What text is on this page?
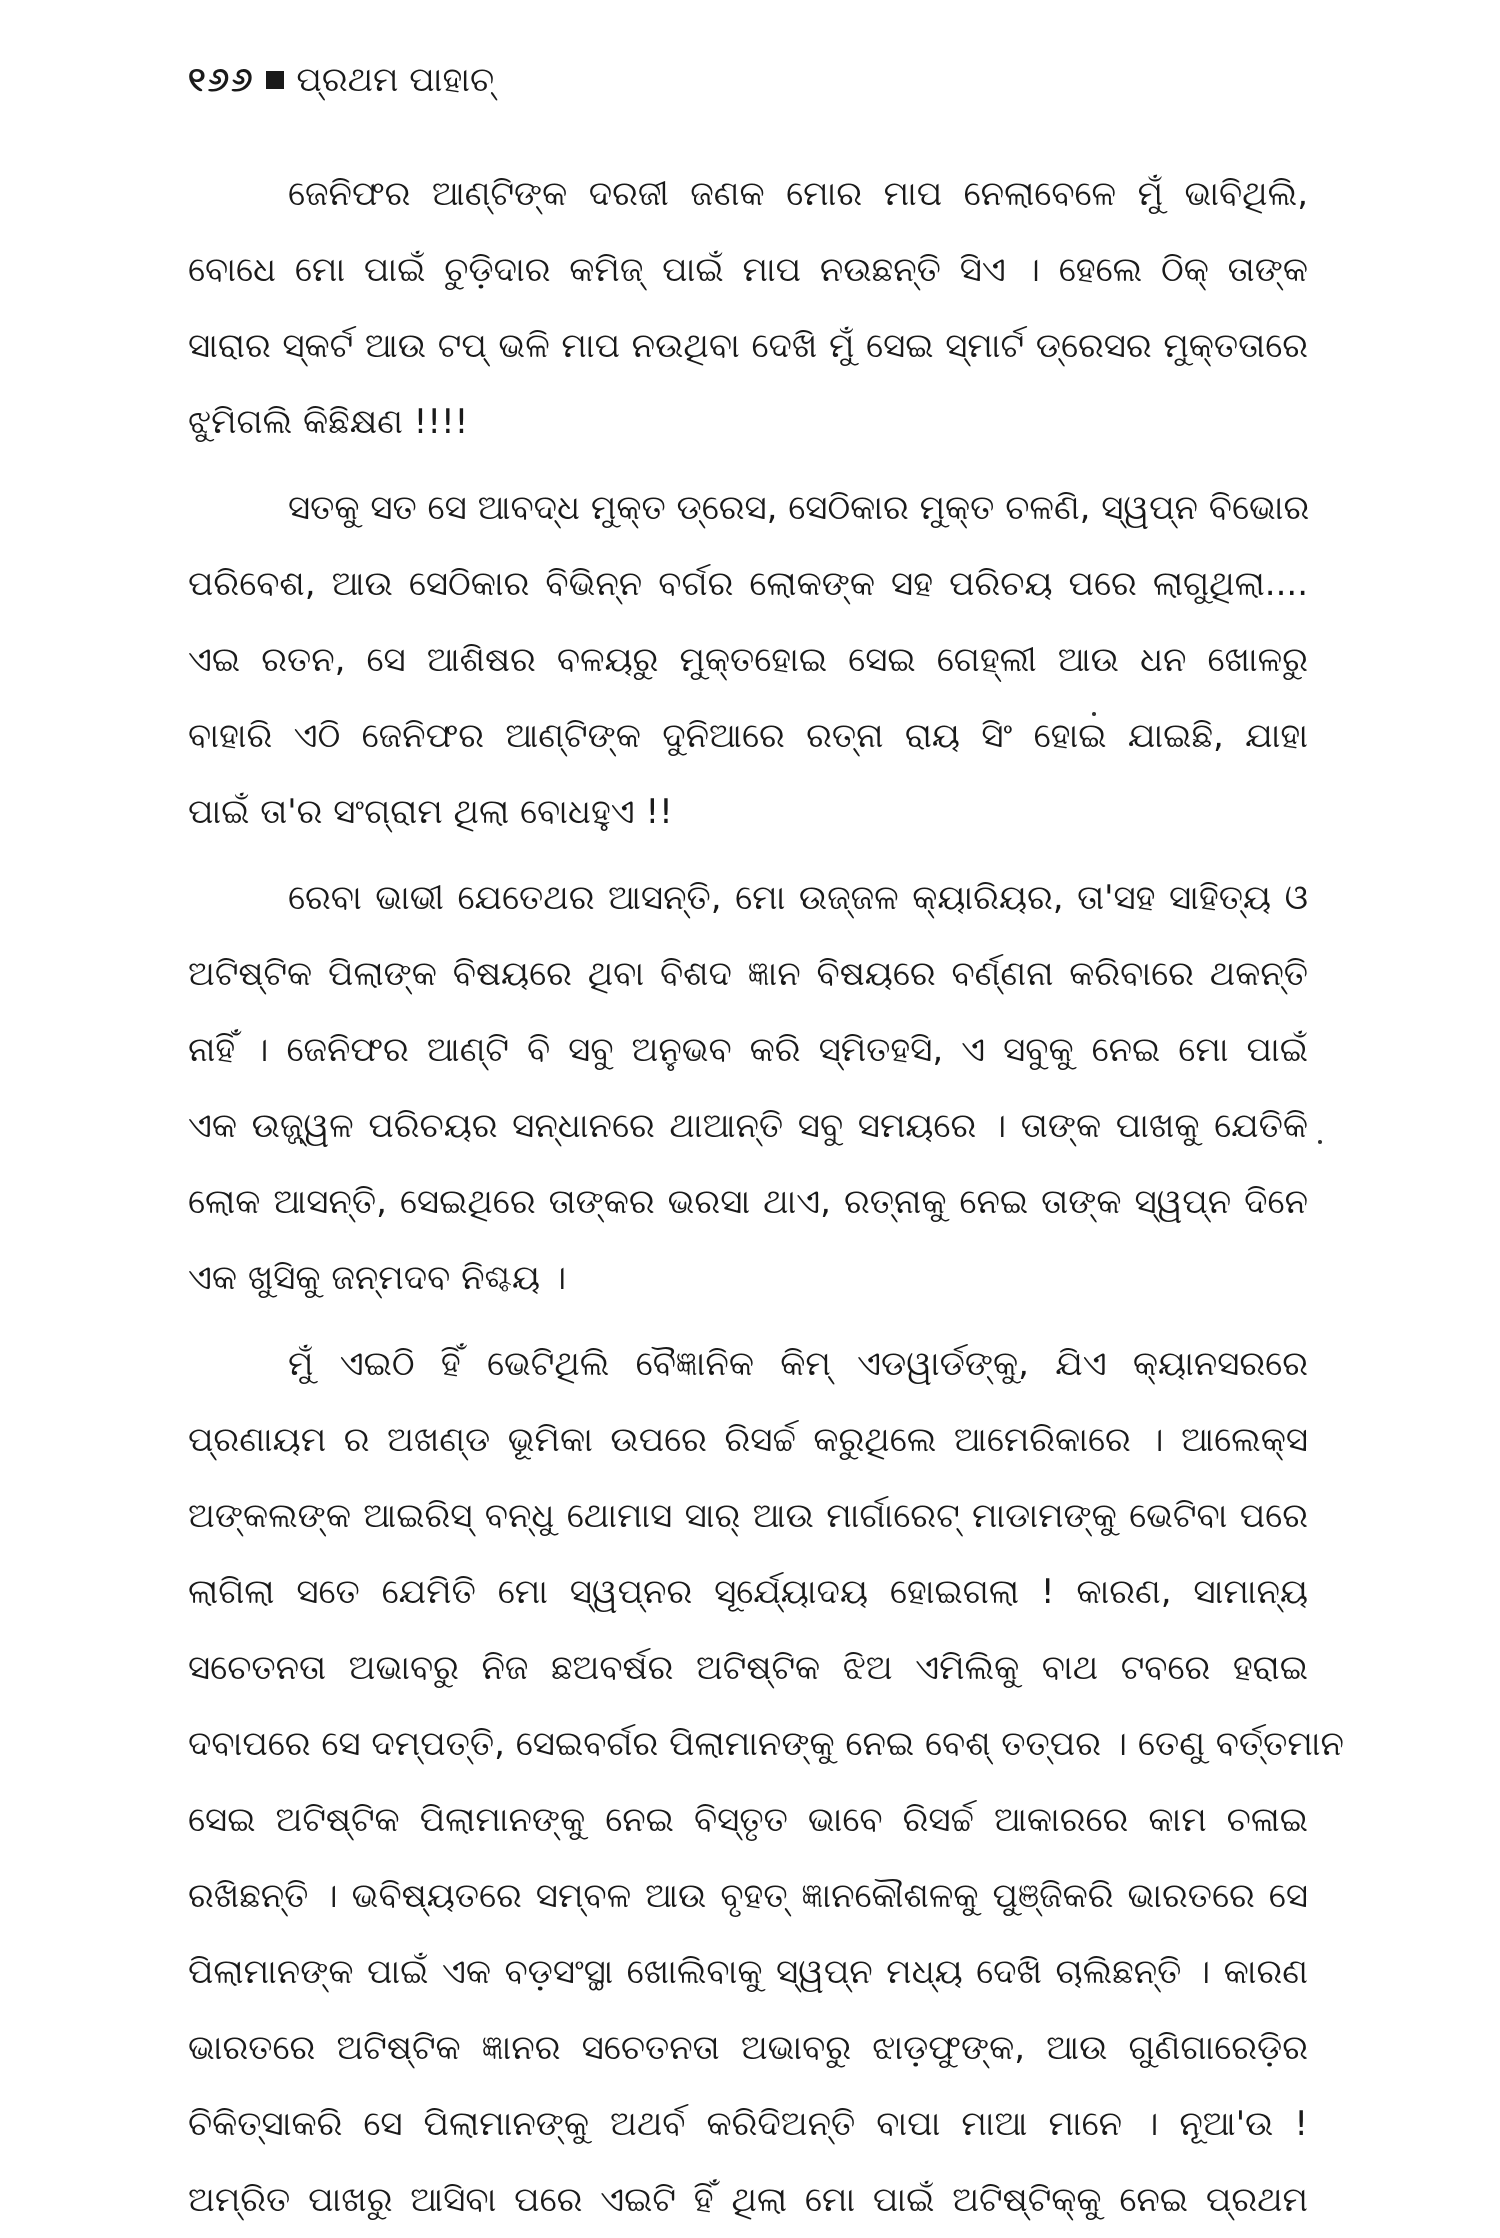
୧୬୬ ପ୍ରଥମ ପାହାଚ୍
ଜେନିଫର ଆଣ୍ଟିଙ୍କ ଦରଜୀ ଜଣକ ମୋର ମାପ ନେଲାବେଳେ ମୁଁ ଭାବିଥିଲି,
ବୋଧେ ମୋ ପାଇଁ ଚୁଡ଼ିଦାର କମିଜ୍ ପାଇଁ ମାପ ନଉଛନ୍ତି ସିଏ । ହେଲେ ଠିକ୍ ତାଙ୍କ
ସାରାର ସ୍କର୍ଟ ଆଉ ଟପ୍ ଭଳି ମାପ ନଉଥିବା ଦେଖି ମୁଁ ସେଇ ସ୍ମାର୍ଟ ଡ୍ରେସର ମୁକ୍ତତାରେ
ଝୁମିଗଲି କିଛିକ୍ଷଣ !!!!
ସତକୁ ସତ ସେ ଆବଦ୍ଧ ମୁକ୍ତ ଡ୍ରେସ, ସେଠିକାର ମୁକ୍ତ ଚଳଣି, ସ୍ୱପ୍ନ ବିଭୋର
ପରିବେଶ, ଆଉ ସେଠିକାର ବିଭିନ୍ନ ବର୍ଗର ଲୋକଙ୍କ ସହ ପରିଚୟ ପରେ ଲାଗୁଥିଲା....
ଏଇ ରତନ, ସେ ଆଶିଷର ବଳୟରୁ ମୁକ୍ତହୋଇ ସେଇ ଗେହ୍ଲୀ ଆଉ ଧନ ଖୋଳରୁ
ବାହାରି ଏଠି ଜେନିଫର ଆଣ୍ଟିଙ୍କ ଦୁନିଆରେ ରତ୍ନା ରାୟ ସିଂ ହୋଇ ଯାଇଛି, ଯାହା
ପାଇଁ ତା'ର ସଂଗ୍ରାମ ଥିଲା ବୋଧହୁଏ !!
ରେବା ଭାଭୀ ଯେତେଥର ଆସନ୍ତି, ମୋ ଉଜ୍ଜଳ କ୍ୟାରିୟର, ତା'ସହ ସାହିତ୍ୟ ଓ
ଅଟିଷ୍ଟିକ ପିଲାଙ୍କ ବିଷୟରେ ଥିବା ବିଶଦ ଜ୍ଞାନ ବିଷୟରେ ବର୍ଣ୍ଣନା କରିବାରେ ଥକନ୍ତି
ନାହିଁ । ଜେନିଫର ଆଣ୍ଟି ବି ସବୁ ଅନୁଭବ କରି ସ୍ମିତହସି, ଏ ସବୁକୁ ନେଇ ମୋ ପାଇଁ
ଏକ ଉଜ୍ଜ୍ୱଳ ପରିଚୟର ସନ୍ଧାନରେ ଥାଆନ୍ତି ସବୁ ସମୟରେ । ତାଙ୍କ ପାଖକୁ ଯେତିକି
ଲୋକ ଆସନ୍ତି, ସେଇଥିରେ ତାଙ୍କର ଭରସା ଥାଏ, ରତ୍ନାକୁ ନେଇ ତାଙ୍କ ସ୍ୱପ୍ନ ଦିନେ
ଏକ ଖୁସିକୁ ଜନ୍ମଦବ ନିଶ୍ଚୟ ।
ମୁଁ ଏଇଠି ହିଁ ଭେଟିଥିଲି ବୈଜ୍ଞାନିକ କିମ୍ ଏଡୱାର୍ଡଙ୍କୁ, ଯିଏ କ୍ୟାନସରରେ
ପ୍ରଣାୟମ ର ଅଖଣ୍ଡ ଭୂମିକା ଉପରେ ରିସର୍ଚ୍ଚ କରୁଥିଲେ ଆମେରିକାରେ । ଆଲେକ୍ସ
ଅଙ୍କଲଙ୍କ ଆଇରିସ୍ ବନ୍ଧୁ ଥୋମାସ ସାର୍ ଆଉ ମାର୍ଗାରେଟ୍ ମାଡାମଙ୍କୁ ଭେଟିବା ପରେ
ଲାଗିଲା ସତେ ଯେମିତି ମୋ ସ୍ୱପ୍ନର ସୂର୍ଯ୍ୟୋଦୟ ହୋଇଗଲା ! କାରଣ, ସାମାନ୍ୟ
ସଚେତନତା ଅଭାବରୁ ନିଜ ଛଅବର୍ଷର ଅଟିଷ୍ଟିକ ଝିଅ ଏମିଲିକୁ ବାଥ ଟବରେ ହରାଇ
ଦବାପରେ ସେ ଦମ୍ପତ୍ତି, ସେଇବର୍ଗର ପିଲାମାନଙ୍କୁ ନେଇ ବେଶ୍ ତତ୍ପର । ତେଣୁ ବର୍ତ୍ତମାନ
ସେଇ ଅଟିଷ୍ଟିକ ପିଲାମାନଙ୍କୁ ନେଇ ବିସ୍ତୃତ ଭାବେ ରିସର୍ଚ୍ଚ ଆକାରରେ କାମ ଚଳାଇ
ରଖିଛନ୍ତି । ଭବିଷ୍ୟତରେ ସମ୍ବଳ ଆଉ ବୃହତ୍ ଜ୍ଞାନକୌଶଳକୁ ପୁଞ୍ଜିକରି ଭାରତରେ ସେ
ପିଲାମାନଙ୍କ ପାଇଁ ଏକ ବଡ଼ସଂସ୍ଥା ଖୋଲିବାକୁ ସ୍ୱପ୍ନ ମଧ୍ୟ ଦେଖି ଚାଲିଛନ୍ତି । କାରଣ
ଭାରତରେ ଅଟିଷ୍ଟିକ ଜ୍ଞାନର ସଚେତନତା ଅଭାବରୁ ଝାଡ଼ଫୁଙ୍କ, ଆଉ ଗୁଣିଗାରେଡ଼ିର
ଚିକିତ୍ସାକରି ସେ ପିଲାମାନଙ୍କୁ ଅଥର୍ବ କରିଦିଅନ୍ତି ବାପା ମାଆ ମାନେ । ନୂଆ'ଉ !
ଅମ୍ରିତ ପାଖରୁ ଆସିବା ପରେ ଏଇଟି ହିଁ ଥିଲା ମୋ ପାଇଁ ଅଟିଷ୍ଟିକ୍‌କୁ ନେଇ ପ୍ରଥମ
